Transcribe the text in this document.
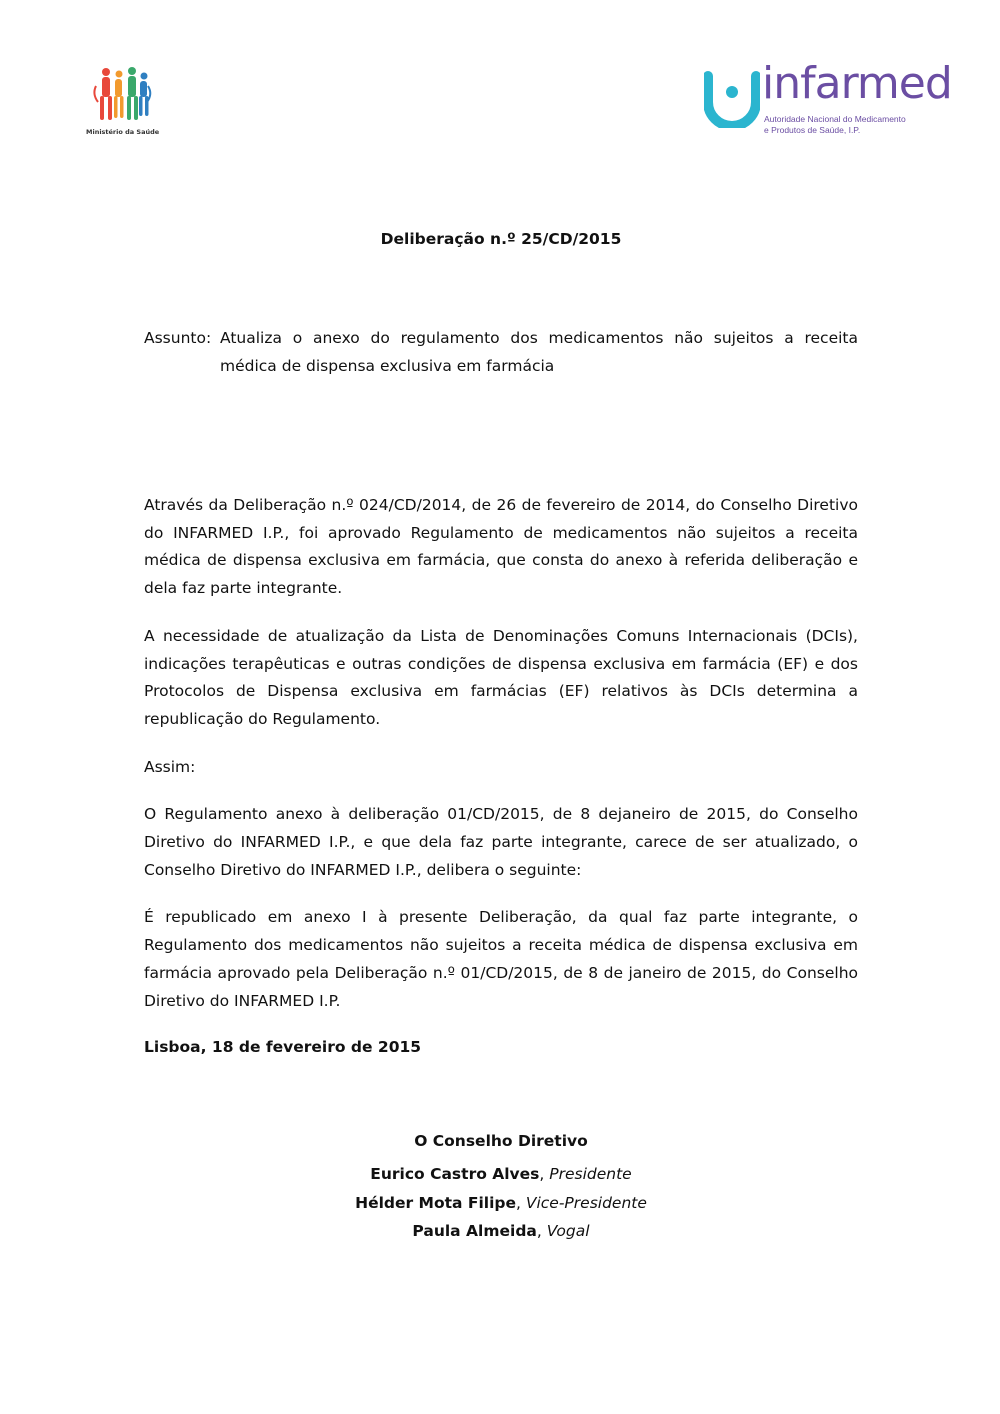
Ministério da Saúde
infarmed
Autoridade Nacional do Medicamento
e Produtos de Saúde, I.P.
Deliberação n.º 25/CD/2015
Assunto: Atualiza o anexo do regulamento dos medicamentos não sujeitos a receita médica de dispensa exclusiva em farmácia

Através da Deliberação n.º 024/CD/2014, de 26 de fevereiro de 2014, do Conselho Diretivo do INFARMED I.P., foi aprovado Regulamento de medicamentos não sujeitos a receita médica de dispensa exclusiva em farmácia, que consta do anexo à referida deliberação e dela faz parte integrante.

A necessidade de atualização da Lista de Denominações Comuns Internacionais (DCIs), indicações terapêuticas e outras condições de dispensa exclusiva em farmácia (EF) e dos Protocolos de Dispensa exclusiva em farmácias (EF) relativos às DCIs determina a republicação do Regulamento.

Assim:

O Regulamento anexo à deliberação 01/CD/2015, de 8 dejaneiro de 2015, do Conselho Diretivo do INFARMED I.P., e que dela faz parte integrante, carece de ser atualizado, o Conselho Diretivo do INFARMED I.P., delibera o seguinte:

É republicado em anexo I à presente Deliberação, da qual faz parte integrante, o Regulamento dos medicamentos não sujeitos a receita médica de dispensa exclusiva em farmácia aprovado pela Deliberação n.º 01/CD/2015, de 8 de janeiro de 2015, do Conselho Diretivo do INFARMED I.P.

Lisboa, 18 de fevereiro de 2015
O Conselho Diretivo
Eurico Castro Alves, Presidente
Hélder Mota Filipe, Vice-Presidente
Paula Almeida, Vogal
